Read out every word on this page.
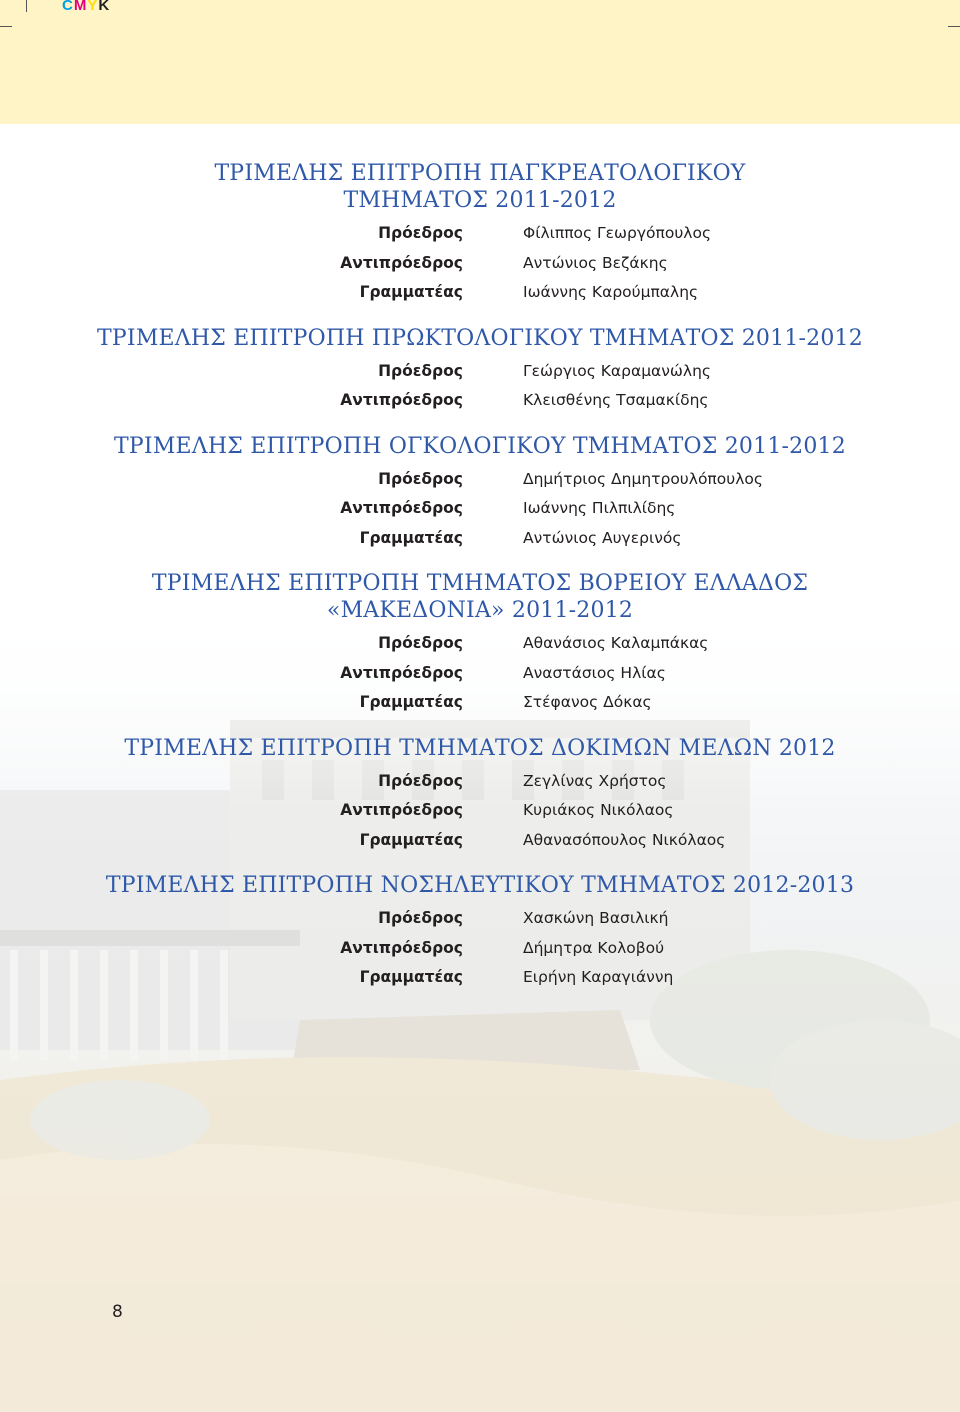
CMYK
ΤΡΙΜΕΛΗΣ ΕΠΙΤΡΟΠΗ ΠΑΓΚΡΕΑΤΟΛΟΓΙΚΟΥ
ΤΜΗΜΑΤΟΣ 2011-2012
Πρόεδρος	Φίλιππος Γεωργόπουλος
Αντιπρόεδρος	Αντώνιος Βεζάκης
Γραμματέας	Ιωάννης Καρούμπαλης
ΤΡΙΜΕΛΗΣ ΕΠΙΤΡΟΠΗ ΠΡΩΚΤΟΛΟΓΙΚΟΥ ΤΜΗΜΑΤΟΣ 2011-2012
Πρόεδρος	Γεώργιος Καραμανώλης
Αντιπρόεδρος	Κλεισθένης Τσαμακίδης
ΤΡΙΜΕΛΗΣ ΕΠΙΤΡΟΠΗ ΟΓΚΟΛΟΓΙΚΟΥ ΤΜΗΜΑΤΟΣ 2011-2012
Πρόεδρος	Δημήτριος Δημητρουλόπουλος
Αντιπρόεδρος	Ιωάννης Πιλπιλίδης
Γραμματέας	Αντώνιος Αυγερινός
ΤΡΙΜΕΛΗΣ ΕΠΙΤΡΟΠΗ ΤΜΗΜΑΤΟΣ ΒΟΡΕΙΟΥ ΕΛΛΑΔΟΣ
«ΜΑΚΕΔΟΝΙΑ» 2011-2012
Πρόεδρος	Αθανάσιος Καλαμπάκας
Αντιπρόεδρος	Αναστάσιος Ηλίας
Γραμματέας	Στέφανος Δόκας
ΤΡΙΜΕΛΗΣ ΕΠΙΤΡΟΠΗ ΤΜΗΜΑΤΟΣ ΔΟΚΙΜΩΝ ΜΕΛΩΝ 2012
Πρόεδρος	Ζεγλίνας Χρήστος
Αντιπρόεδρος	Κυριάκος Νικόλαος
Γραμματέας	Αθανασόπουλος Νικόλαος
ΤΡΙΜΕΛΗΣ ΕΠΙΤΡΟΠΗ ΝΟΣΗΛΕΥΤΙΚΟΥ ΤΜΗΜΑΤΟΣ 2012-2013
Πρόεδρος	Χασκώνη Βασιλική
Αντιπρόεδρος	Δήμητρα Κολοβού
Γραμματέας	Ειρήνη Καραγιάννη
8
